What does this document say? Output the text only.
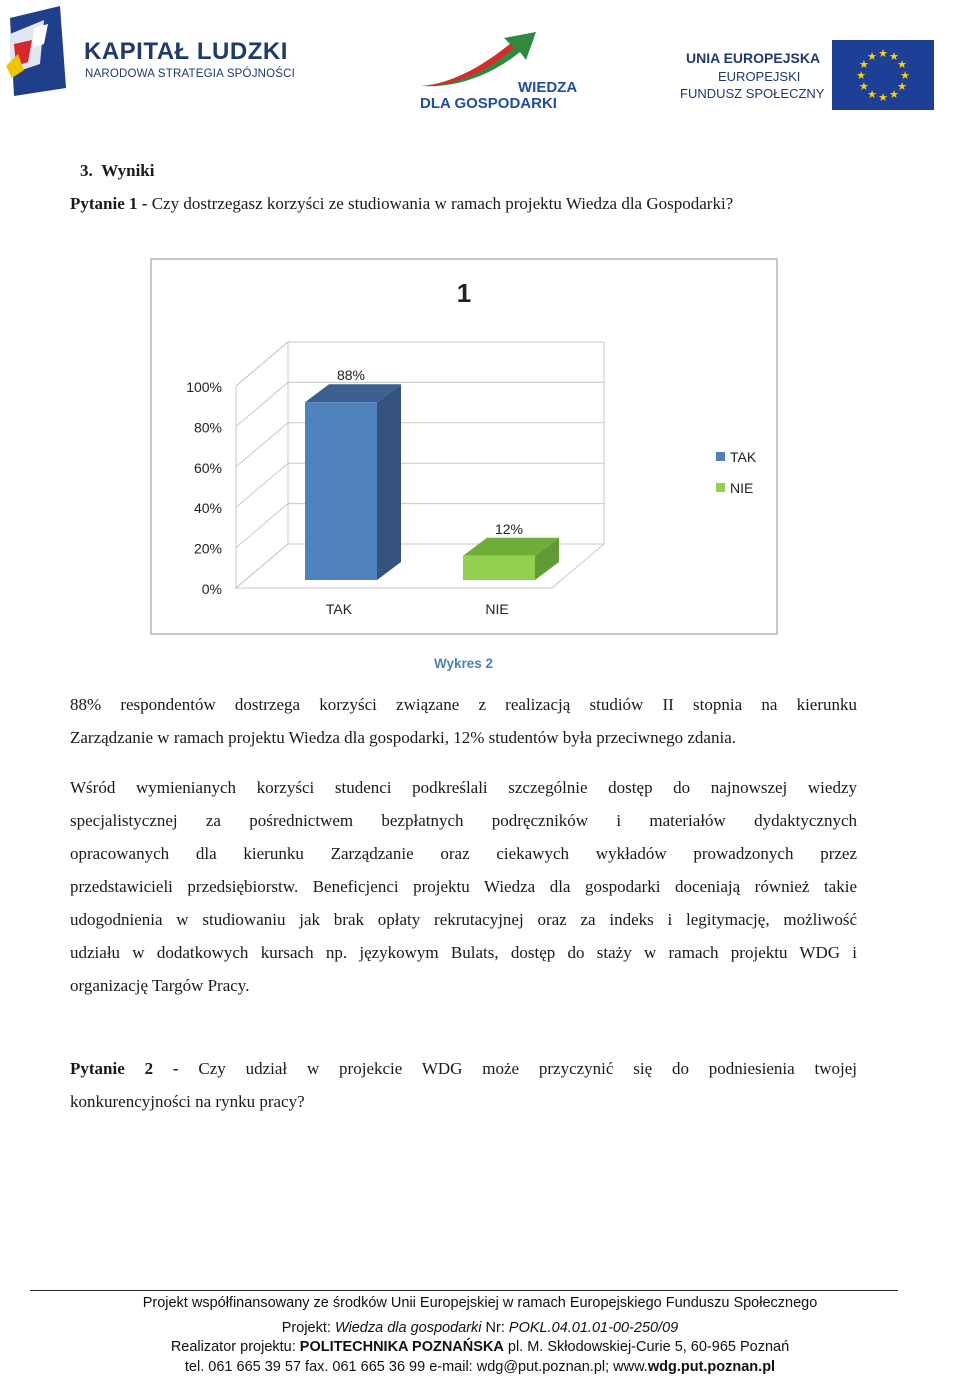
KAPITAŁ LUDZKI
NARODOWA STRATEGIA SPÓJNOŚCI
WIEDZA
DLA GOSPODARKI
UNIA EUROPEJSKA
EUROPEJSKI
FUNDUSZ SPOŁECZNY
★
★
★
★
★
★
★
★
★ ★ ★
★
3. Wyniki
Pytanie 1 - Czy dostrzegasz korzyści ze studiowania w ramach projektu Wiedza dla Gospodarki?
1
0%
20%
40%
60%
80%
100%
88%
TAK
12%
NIE
TAK
NIE
Wykres 2
88% respondentów dostrzega korzyści związane z realizacją studiów II stopnia na kierunku
Zarządzanie w ramach projektu Wiedza dla gospodarki, 12% studentów była przeciwnego zdania.
Wśród wymienianych korzyści studenci podkreślali szczególnie dostęp do najnowszej wiedzy
specjalistycznej za pośrednictwem bezpłatnych podręczników i materiałów dydaktycznych
opracowanych dla kierunku Zarządzanie oraz ciekawych wykładów prowadzonych przez
przedstawicieli przedsiębiorstw. Beneficjenci projektu Wiedza dla gospodarki doceniają również takie
udogodnienia w studiowaniu jak brak opłaty rekrutacyjnej oraz za indeks i legitymację, możliwość
udziału w dodatkowych kursach np. językowym Bulats, dostęp do staży w ramach projektu WDG i
organizację Targów Pracy.
Pytanie 2 - Czy udział w projekcie WDG może przyczynić się do podniesienia twojej
konkurencyjności na rynku pracy?
Projekt współfinansowany ze środków Unii Europejskiej w ramach Europejskiego Funduszu Społecznego
Projekt: Wiedza dla gospodarki Nr: POKL.04.01.01-00-250/09
Realizator projektu: POLITECHNIKA POZNAŃSKA pl. M. Skłodowskiej-Curie 5, 60-965 Poznań
tel. 061 665 39 57 fax. 061 665 36 99 e-mail: wdg@put.poznan.pl; www.wdg.put.poznan.pl
